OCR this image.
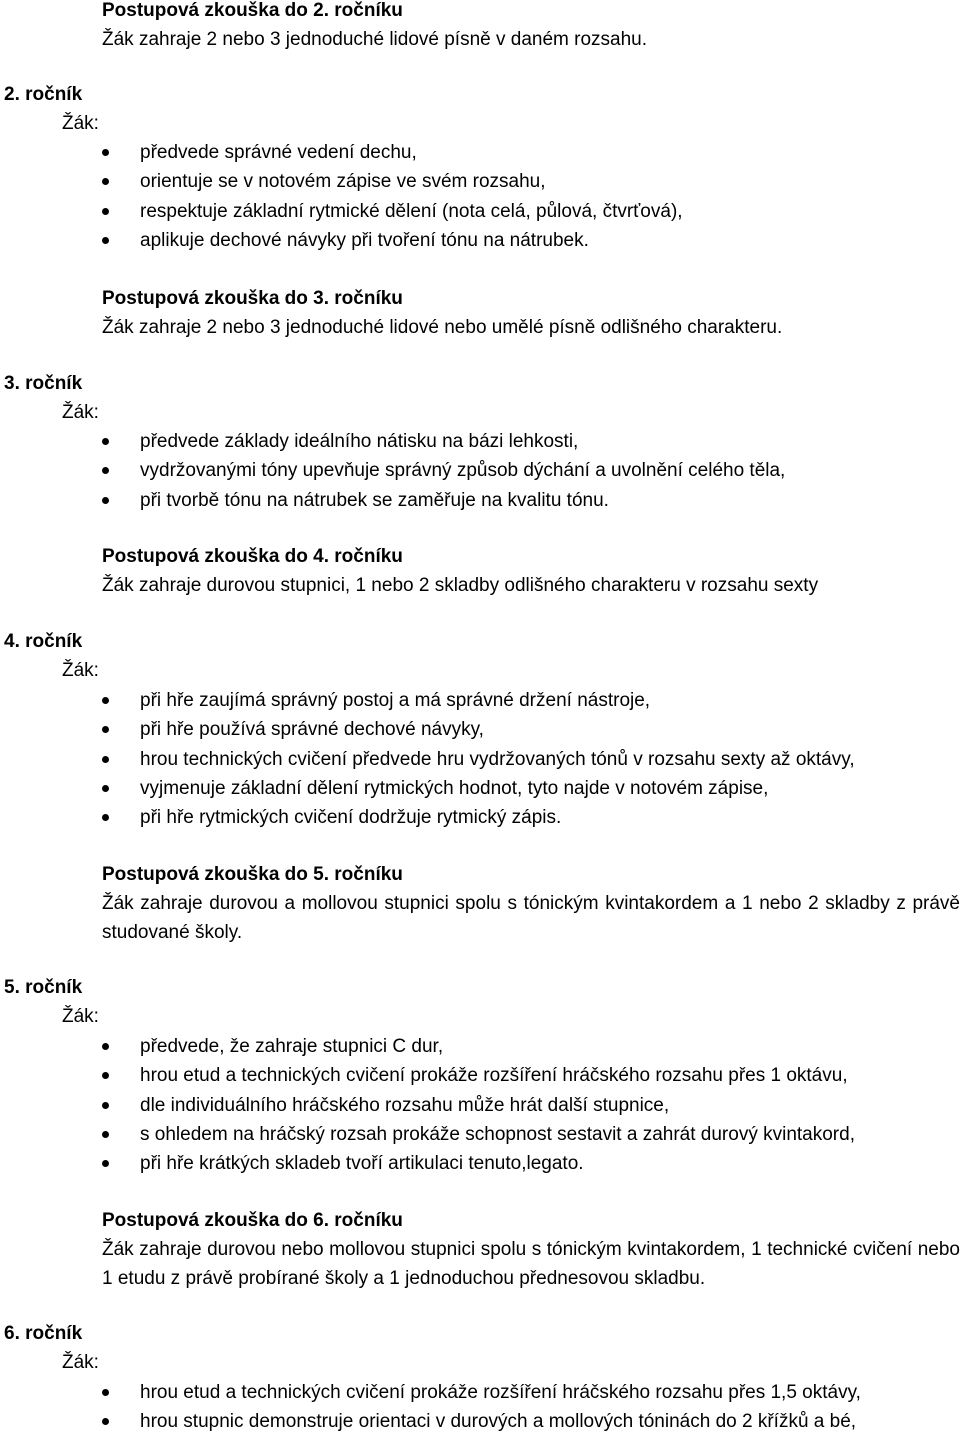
Postupová zkouška do 2. ročníku
Žák zahraje 2 nebo 3 jednoduché lidové písně v daném rozsahu.
2. ročník
Žák:
předvede správné vedení dechu,
orientuje se v notovém zápise ve svém rozsahu,
respektuje základní rytmické dělení (nota celá, půlová, čtvrťová),
aplikuje dechové návyky při tvoření tónu na nátrubek.
Postupová zkouška do 3. ročníku
Žák zahraje 2 nebo 3 jednoduché lidové nebo umělé písně odlišného charakteru.
3. ročník
Žák:
předvede základy ideálního nátisku na bázi lehkosti,
vydržovanými tóny upevňuje správný způsob dýchání a uvolnění celého těla,
při tvorbě tónu na nátrubek se zaměřuje na kvalitu tónu.
Postupová zkouška do 4. ročníku
Žák zahraje durovou stupnici, 1 nebo 2 skladby odlišného charakteru v rozsahu sexty
4. ročník
Žák:
při hře zaujímá správný postoj a má správné držení nástroje,
při hře používá správné dechové návyky,
hrou technických cvičení předvede hru vydržovaných tónů v rozsahu sexty až oktávy,
vyjmenuje základní dělení rytmických hodnot, tyto najde v notovém zápise,
při hře rytmických cvičení dodržuje rytmický zápis.
Postupová zkouška do 5. ročníku
Žák zahraje durovou a mollovou stupnici spolu s tónickým kvintakordem a 1 nebo 2 skladby z právě studované školy.
5. ročník
Žák:
předvede, že zahraje stupnici C dur,
hrou etud a technických cvičení prokáže rozšíření hráčského rozsahu přes 1 oktávu,
dle individuálního hráčského rozsahu může hrát další stupnice,
s ohledem na hráčský rozsah prokáže schopnost sestavit a zahrát durový kvintakord,
při hře krátkých skladeb tvoří artikulaci tenuto,legato.
Postupová zkouška do 6. ročníku
Žák zahraje durovou nebo mollovou stupnici spolu s tónickým kvintakordem, 1 technické cvičení nebo 1 etudu z právě probírané školy a 1 jednoduchou přednesovou skladbu.
6. ročník
Žák:
hrou etud a technických cvičení prokáže rozšíření hráčského rozsahu přes 1,5 oktávy,
hrou stupnic demonstruje orientaci v durových a mollových tóninách do 2 křížků a bé,
